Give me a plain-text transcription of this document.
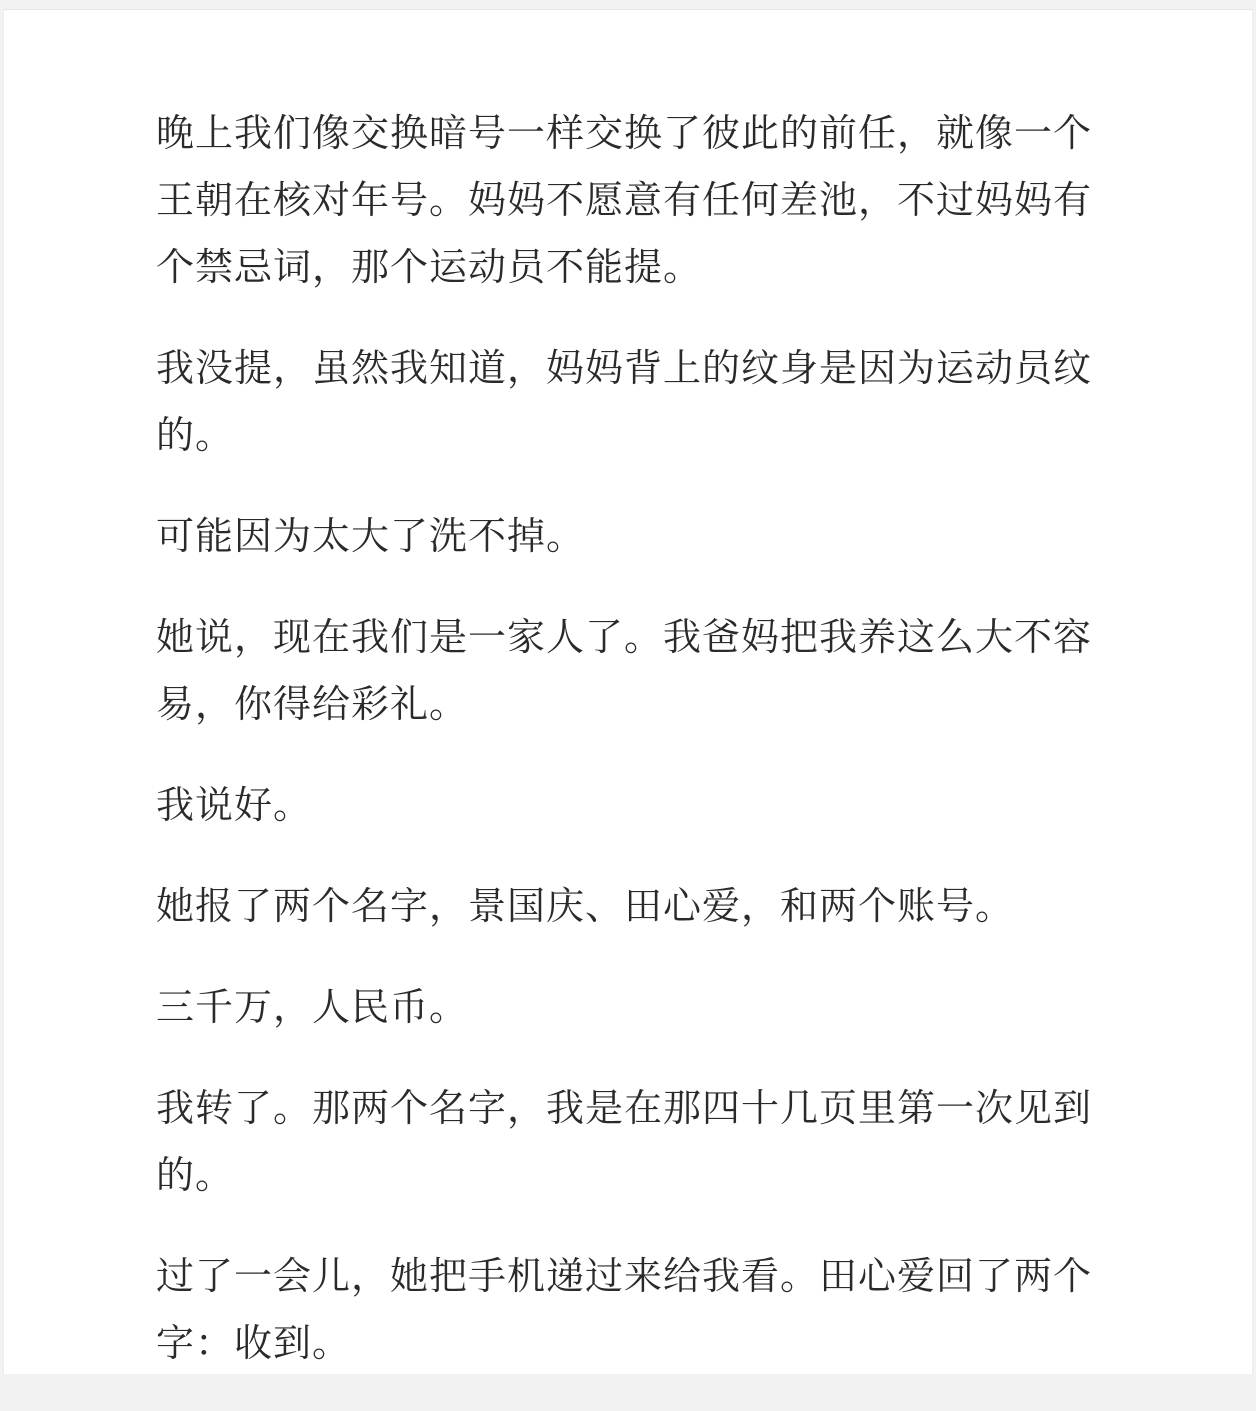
晚上我们像交换暗号一样交换了彼此的前任，就像一个王朝在核对年号。妈妈不愿意有任何差池，不过妈妈有个禁忌词，那个运动员不能提。

我没提，虽然我知道，妈妈背上的纹身是因为运动员纹的。

可能因为太大了洗不掉。

她说，现在我们是一家人了。我爸妈把我养这么大不容易，你得给彩礼。

我说好。

她报了两个名字，景国庆、田心爱，和两个账号。

三千万，人民币。

我转了。那两个名字，我是在那四十几页里第一次见到的。

过了一会儿，她把手机递过来给我看。田心爱回了两个字：收到。
